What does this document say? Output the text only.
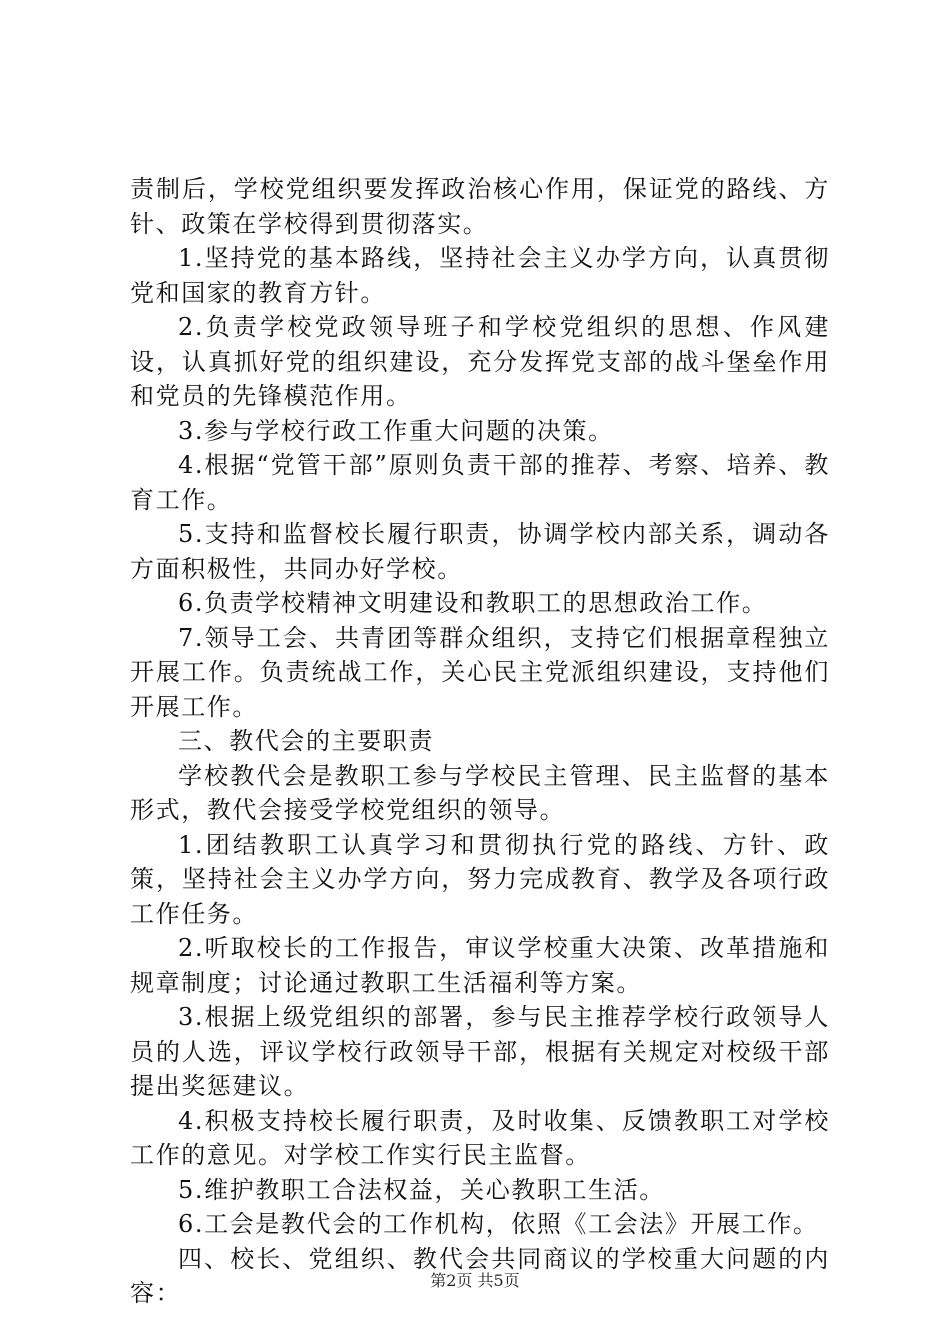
责制后，学校党组织要发挥政治核心作用，保证党的路线、方针、政策在学校得到贯彻落实。

1.坚持党的基本路线，坚持社会主义办学方向，认真贯彻党和国家的教育方针。

2.负责学校党政领导班子和学校党组织的思想、作风建设，认真抓好党的组织建设，充分发挥党支部的战斗堡垒作用和党员的先锋模范作用。

3.参与学校行政工作重大问题的决策。

4.根据“党管干部”原则负责干部的推荐、考察、培养、教育工作。

5.支持和监督校长履行职责，协调学校内部关系，调动各方面积极性，共同办好学校。

6.负责学校精神文明建设和教职工的思想政治工作。

7.领导工会、共青团等群众组织，支持它们根据章程独立开展工作。负责统战工作，关心民主党派组织建设，支持他们开展工作。

三、教代会的主要职责

学校教代会是教职工参与学校民主管理、民主监督的基本形式，教代会接受学校党组织的领导。

1.团结教职工认真学习和贯彻执行党的路线、方针、政策，坚持社会主义办学方向，努力完成教育、教学及各项行政工作任务。

2.听取校长的工作报告，审议学校重大决策、改革措施和规章制度；讨论通过教职工生活福利等方案。

3.根据上级党组织的部署，参与民主推荐学校行政领导人员的人选，评议学校行政领导干部，根据有关规定对校级干部提出奖惩建议。

4.积极支持校长履行职责，及时收集、反馈教职工对学校工作的意见。对学校工作实行民主监督。

5.维护教职工合法权益，关心教职工生活。

6.工会是教代会的工作机构，依照《工会法》开展工作。

四、校长、党组织、教代会共同商议的学校重大问题的内容：	第2页 共5页
